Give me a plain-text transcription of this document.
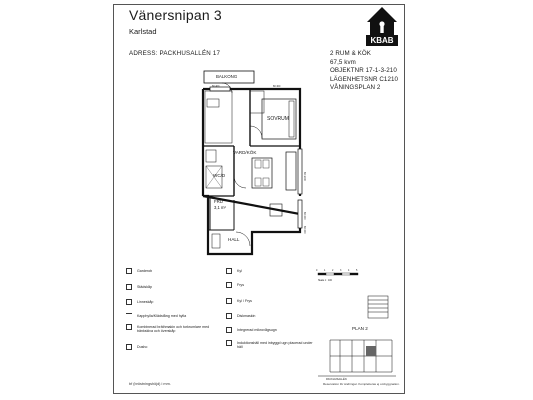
Vänersnipan 3
Karlstad
ADRESS: PACKHUSALLÉN 17	2 RUM & KÖK
67,5 kvm
OBJEKTNR 17-1-3-210
LÄGENHETSNR C1210
VÅNINGSPLAN 2
KBAB
BALKONG
SOVRUM
VARD/KÖK
WC/D
FRD
3,1 m²
HALL
80 400	80 400
80 1400
80 400
80 400
0	1	2	3	4	5
Skala 1 : 100
PLAN 2
PACKHUSALLÉN
Garderob
Städskåp
Linneskåp
Kapphylla/Klädstång med hylla
Kombinerad bräthmakin och torkrumlare med bänkskiva och överskåp
Dusho
Kyl
Frys
Kyl / Frys
Diskmaskin
Integrerad mikrovågsugn
Induktionshäll med inbyggd ugn placerad under häll
bf (bröstningshöjd) i mm.	Reservation för ändringar. Kompletteras ej ombyggnation.
